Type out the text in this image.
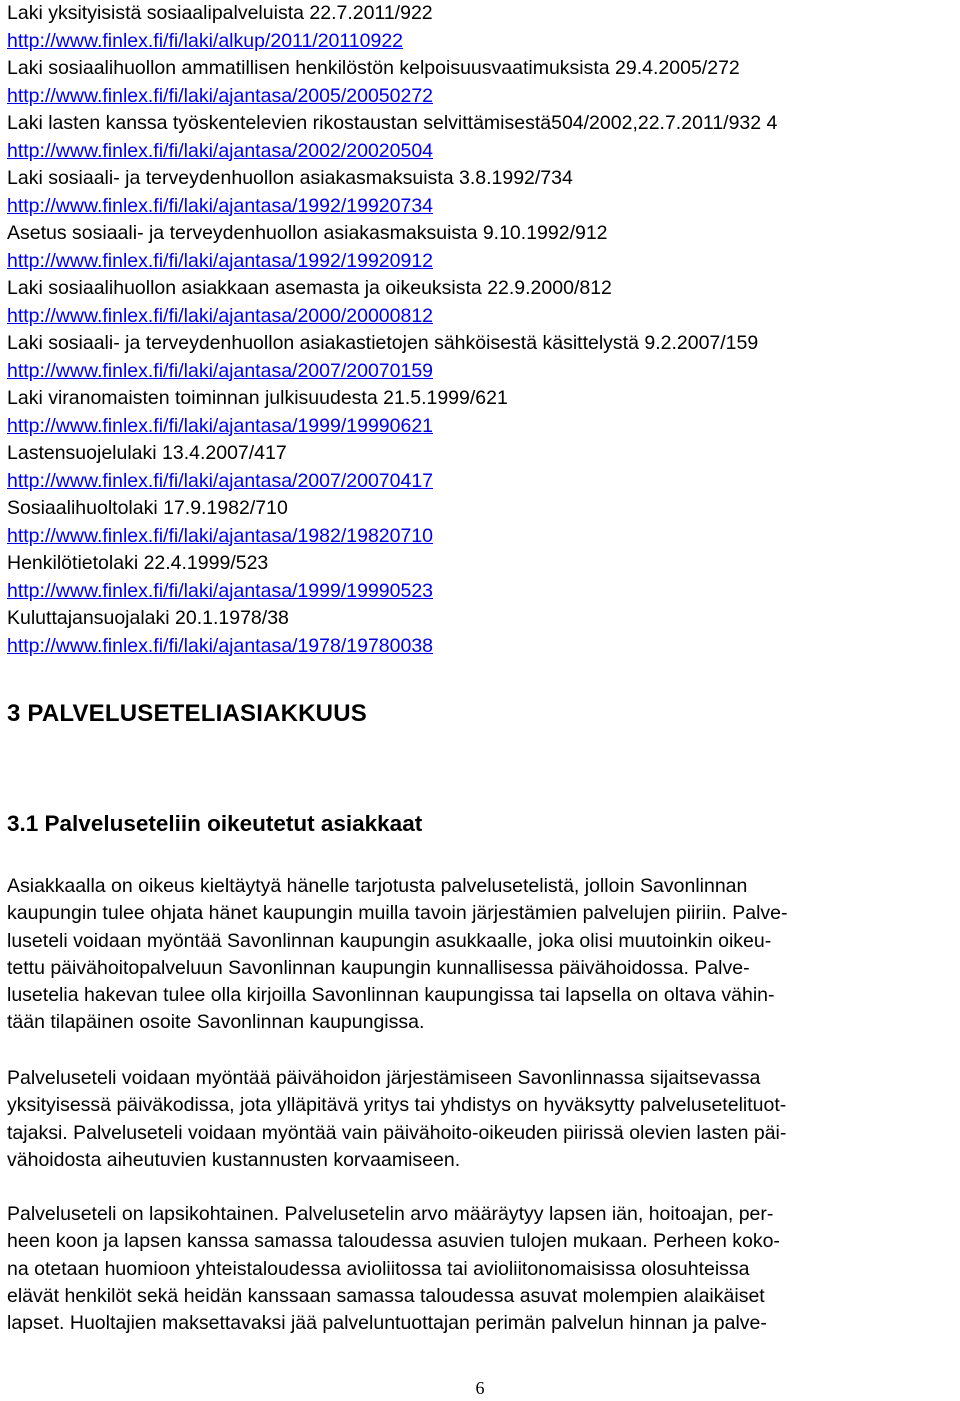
Laki yksityisistä sosiaalipalveluista 22.7.2011/922
http://www.finlex.fi/fi/laki/alkup/2011/20110922
Laki sosiaalihuollon ammatillisen henkilöstön kelpoisuusvaatimuksista 29.4.2005/272
http://www.finlex.fi/fi/laki/ajantasa/2005/20050272
Laki lasten kanssa työskentelevien rikostaustan selvittämisestä504/2002,22.7.2011/932 4
http://www.finlex.fi/fi/laki/ajantasa/2002/20020504
Laki sosiaali- ja terveydenhuollon asiakasmaksuista 3.8.1992/734
http://www.finlex.fi/fi/laki/ajantasa/1992/19920734
Asetus sosiaali- ja terveydenhuollon asiakasmaksuista 9.10.1992/912
http://www.finlex.fi/fi/laki/ajantasa/1992/19920912
Laki sosiaalihuollon asiakkaan asemasta ja oikeuksista 22.9.2000/812
http://www.finlex.fi/fi/laki/ajantasa/2000/20000812
Laki sosiaali- ja terveydenhuollon asiakastietojen sähköisestä käsittelystä 9.2.2007/159
http://www.finlex.fi/fi/laki/ajantasa/2007/20070159
Laki viranomaisten toiminnan julkisuudesta 21.5.1999/621
http://www.finlex.fi/fi/laki/ajantasa/1999/19990621
Lastensuojelulaki 13.4.2007/417
http://www.finlex.fi/fi/laki/ajantasa/2007/20070417
Sosiaalihuoltolaki 17.9.1982/710
http://www.finlex.fi/fi/laki/ajantasa/1982/19820710
Henkilötietolaki 22.4.1999/523
http://www.finlex.fi/fi/laki/ajantasa/1999/19990523
Kuluttajansuojalaki 20.1.1978/38
http://www.finlex.fi/fi/laki/ajantasa/1978/19780038
3 PALVELUSETELIASIAKKUUS
3.1 Palveluseteliin oikeutetut asiakkaat
Asiakkaalla on oikeus kieltäytyä hänelle tarjotusta palvelusetelistä, jolloin Savonlinnan
kaupungin tulee ohjata hänet kaupungin muilla tavoin järjestämien palvelujen piiriin. Palve-
luseteli voidaan myöntää Savonlinnan kaupungin asukkaalle, joka olisi muutoinkin oikeu-
tettu päivähoitopalveluun Savonlinnan kaupungin kunnallisessa päivähoidossa. Palve-
lusetelia hakevan tulee olla kirjoilla Savonlinnan kaupungissa tai lapsella on oltava vähin-
tään tilapäinen osoite Savonlinnan kaupungissa.
Palveluseteli voidaan myöntää päivähoidon järjestämiseen Savonlinnassa sijaitsevassa
yksityisessä päiväkodissa, jota ylläpitävä yritys tai yhdistys on hyväksytty palvelusetelituot-
tajaksi. Palveluseteli voidaan myöntää vain päivähoito-oikeuden piirissä olevien lasten päi-
vähoidosta aiheutuvien kustannusten korvaamiseen.
Palveluseteli on lapsikohtainen. Palvelusetelin arvo määräytyy lapsen iän, hoitoajan, per-
heen koon ja lapsen kanssa samassa taloudessa asuvien tulojen mukaan. Perheen koko-
na otetaan huomioon yhteistaloudessa avioliitossa tai avioliitonomaisissa olosuhteissa
elävät henkilöt sekä heidän kanssaan samassa taloudessa asuvat molempien alaikäiset
lapset. Huoltajien maksettavaksi jää palveluntuottajan perimän palvelun hinnan ja palve-
6
